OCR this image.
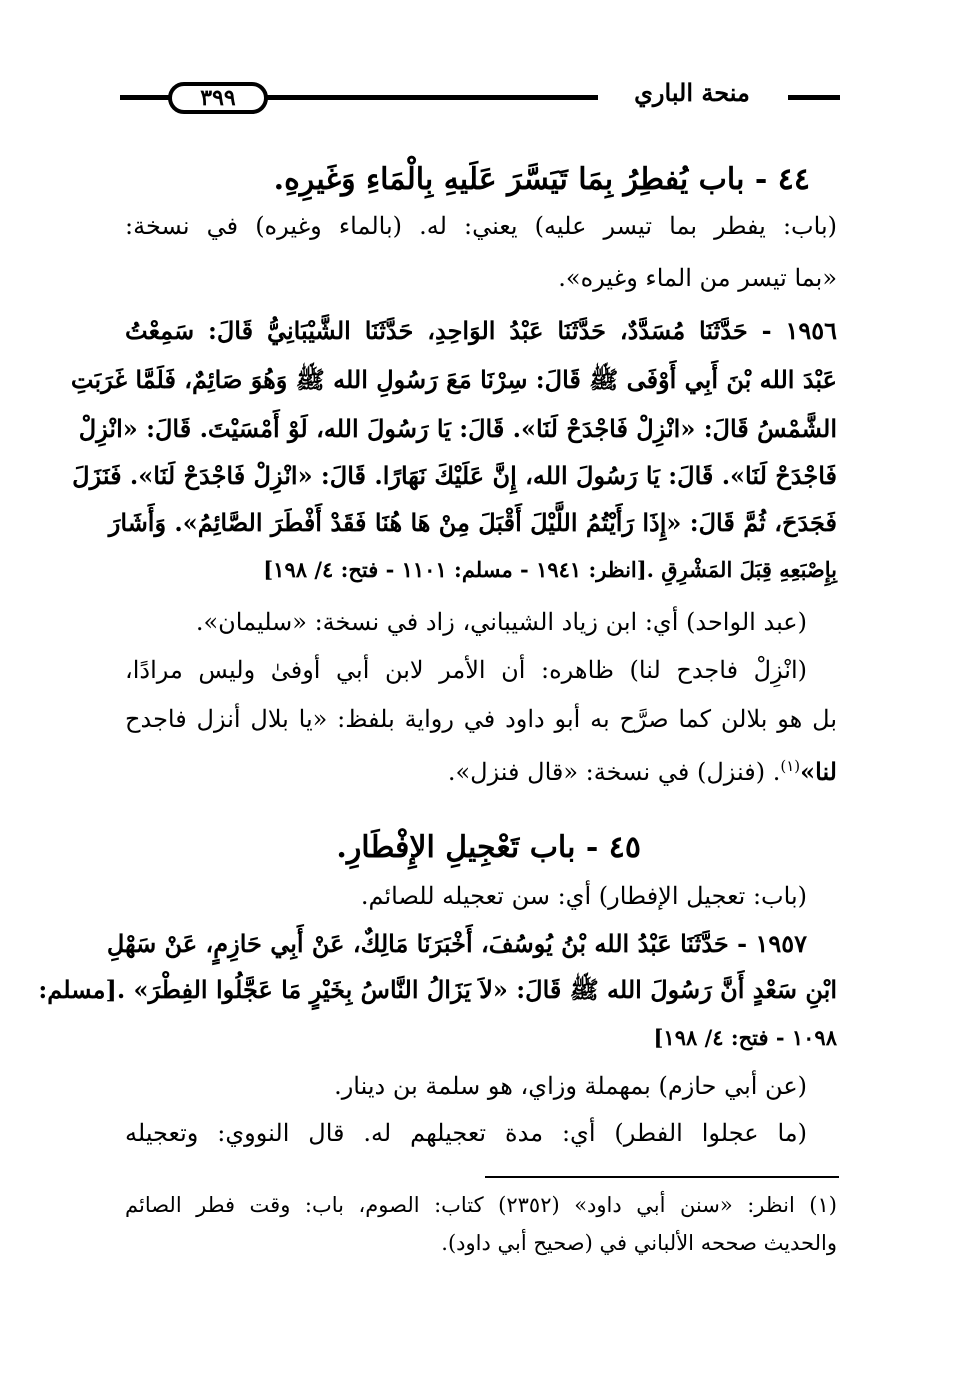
٣٩٩	منحة الباري
٤٤ - باب يُفطِرُ بِمَا تَيَسَّرَ عَلَيهِ بِالْمَاءِ وَغَيرِهِ.
(باب: يفطر بما تيسر عليه) يعني: له. (بالماء وغيره) في نسخة:
«بما تيسر من الماء وغيره».
١٩٥٦ - حَدَّثَنَا مُسَدَّدٌ، حَدَّثَنَا عَبْدُ الوَاحِدِ، حَدَّثَنَا الشَّيْبَانِيُّ قَالَ: سَمِعْتُ
عَبْدَ الله بْنَ أَبِي أَوْفَى ﷺ قَالَ: سِرْنَا مَعَ رَسُولِ الله ﷺ وَهُوَ صَائِمٌ، فَلَمَّا غَرَبَتِ
الشَّمْسُ قَالَ: «انْزِلْ فَاجْدَحْ لَنَا». قَالَ: يَا رَسُولَ الله، لَوْ أَمْسَيْتَ. قَالَ: «انْزِلْ
فَاجْدَحْ لَنَا». قَالَ: يَا رَسُولَ الله، إِنَّ عَلَيْكَ نَهَارًا. قَالَ: «انْزِلْ فَاجْدَحْ لَنَا». فَنَزَلَ
فَجَدَحَ، ثُمَّ قَالَ: «إِذَا رَأَيْتُمُ اللَّيْلَ أَقْبَلَ مِنْ هَا هُنَا فَقَدْ أَفْطَرَ الصَّائِمُ». وَأَشَارَ
بِإِصْبَعِهِ قِبَلَ المَشْرِقِ .[انظر: ١٩٤١ - مسلم: ١١٠١ - فتح: ٤/ ١٩٨]
(عبد الواحد) أي: ابن زياد الشيباني، زاد في نسخة: «سليمان».
(انْزِلْ فاجدح لنا) ظاهره: أن الأمر لابن أبي أوفىٰ وليس مرادًا،
بل هو بلالن كما صرَّح به أبو داود في رواية بلفظ: «يا بلال أنزل فاجدح
لنا»$^{(١)}$. (فنزل) في نسخة: «قال فنزل».
٤٥ - باب تَعْجِيلِ الإِفْطَارِ.
(باب: تعجيل الإفطار) أي: سن تعجيله للصائم.
١٩٥٧ - حَدَّثَنَا عَبْدُ الله بْنُ يُوسُفَ، أَخْبَرَنَا مَالِكٌ، عَنْ أَبِي حَازِمٍ، عَنْ سَهْلِ
ابْنِ سَعْدٍ أَنَّ رَسُولَ الله ﷺ قَالَ: «لاَ يَزَالُ النَّاسُ بِخَيْرٍ مَا عَجَّلُوا الفِطْرَ» .[مسلم:
١٠٩٨ - فتح: ٤/ ١٩٨]
(عن أبي حازم) بمهملة وزاي، هو سلمة بن دينار.
(ما عجلوا الفطر) أي: مدة تعجيلهم له. قال النووي: وتعجيله
(١) انظر: «سنن أبي داود» (٢٣٥٢) كتاب: الصوم، باب: وقت فطر الصائم
والحديث صححه الألباني في (صحيح أبي داود).
